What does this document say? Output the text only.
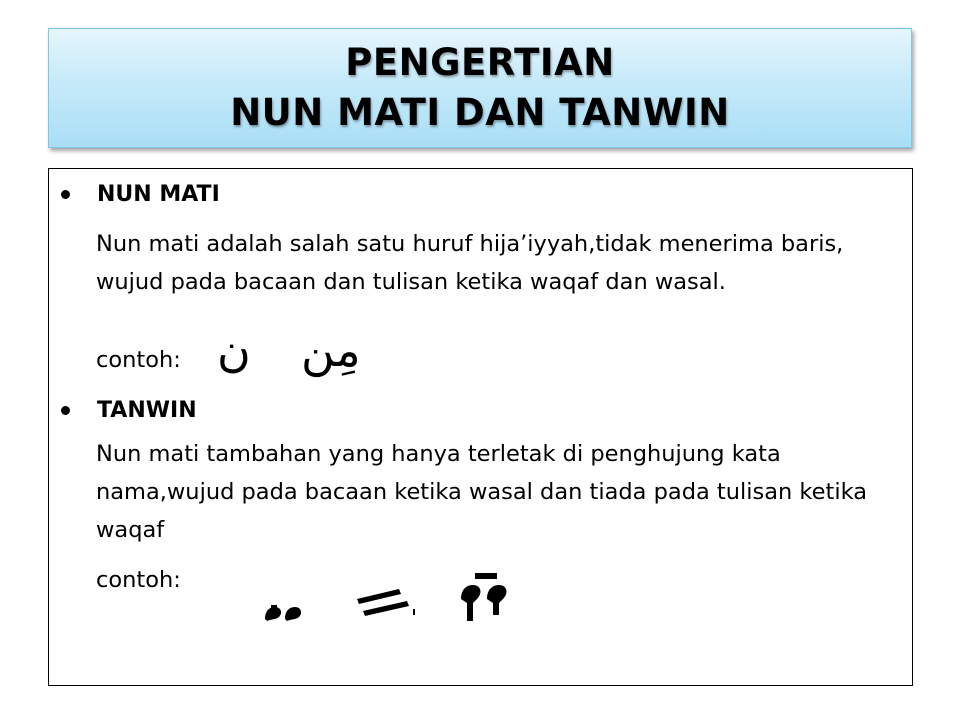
PENGERTIAN
NUN MATI DAN TANWIN
NUN MATI
Nun mati adalah salah satu huruf hija’iyyah,tidak menerima baris, wujud pada bacaan dan tulisan ketika waqaf dan wasal.
contoh: ن مِن
TANWIN
Nun mati tambahan yang hanya terletak di penghujung kata nama,wujud pada bacaan ketika wasal dan tiada pada tulisan ketika waqaf
contoh:
